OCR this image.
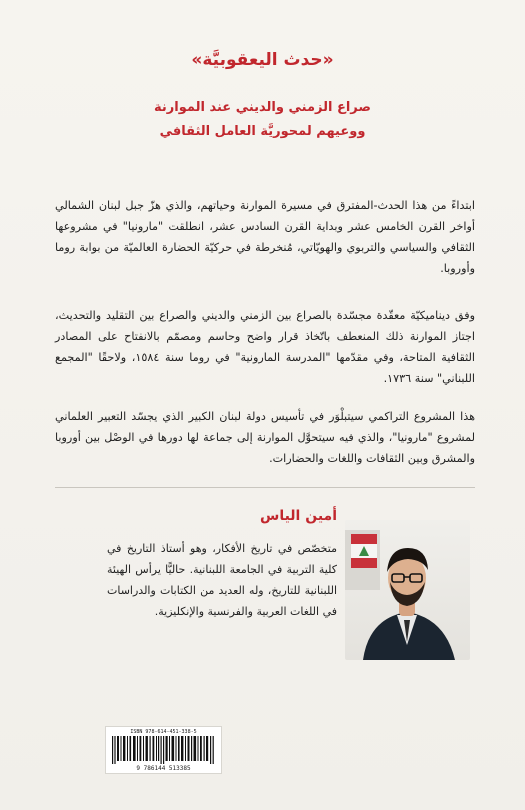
«حدث اليعقوبيَّة»
صراع الزمني والديني عند الموارنة
ووعيهم لمحوريَّة العامل الثقافي

ابتداءً من هذا الحدث-المفترق في مسيرة الموارنة وحياتهم، والذي هزّ جبل لبنان الشمالي أواخر القرن الخامس عشر وبداية القرن السادس عشر، انطلقت "مارونيا" في مشروعها الثقافي والسياسي والتربوي والهويّاتي، مُنخرطة في حركيّة الحضارة العالميّة من بوابة روما وأوروبا.

وفق ديناميكيّة معقّدة مجسّدة بالصراع بين الزمني والديني والصراع بين التقليد والتحديث، اجتاز الموارنة ذلك المنعطف باتّخاذ قرار واضح وحاسم ومصمّم بالانفتاح على المصادر الثقافية المتاحة، وفي مقدّمها "المدرسة المارونية" في روما سنة ١٥٨٤، ولاحقًا "المجمع اللبناني" سنة ١٧٣٦.

هذا المشروع التراكمي سيتبلْوَر في تأسيس دولة لبنان الكبير الذي يجسّد التعبير العلماني لمشروع "مارونيا"، والذي فيه سيتحوَّل الموارنة إلى جماعة لها دورها في الوصْل بين أوروبا والمشرق وبين الثقافات واللغات والحضارات.

أمين الياس
متخصّص في تاريخ الأفكار، وهو أستاذ التاريخ في كلية التربية في الجامعة اللبنانية. حاليًّا يرأس الهيئة اللبنانية للتاريخ، وله العديد من الكتابات والدراسات في اللغات العربية والفرنسية والإنكليزية.
ISBN 978-614-451-338-5
9 786144 513385
